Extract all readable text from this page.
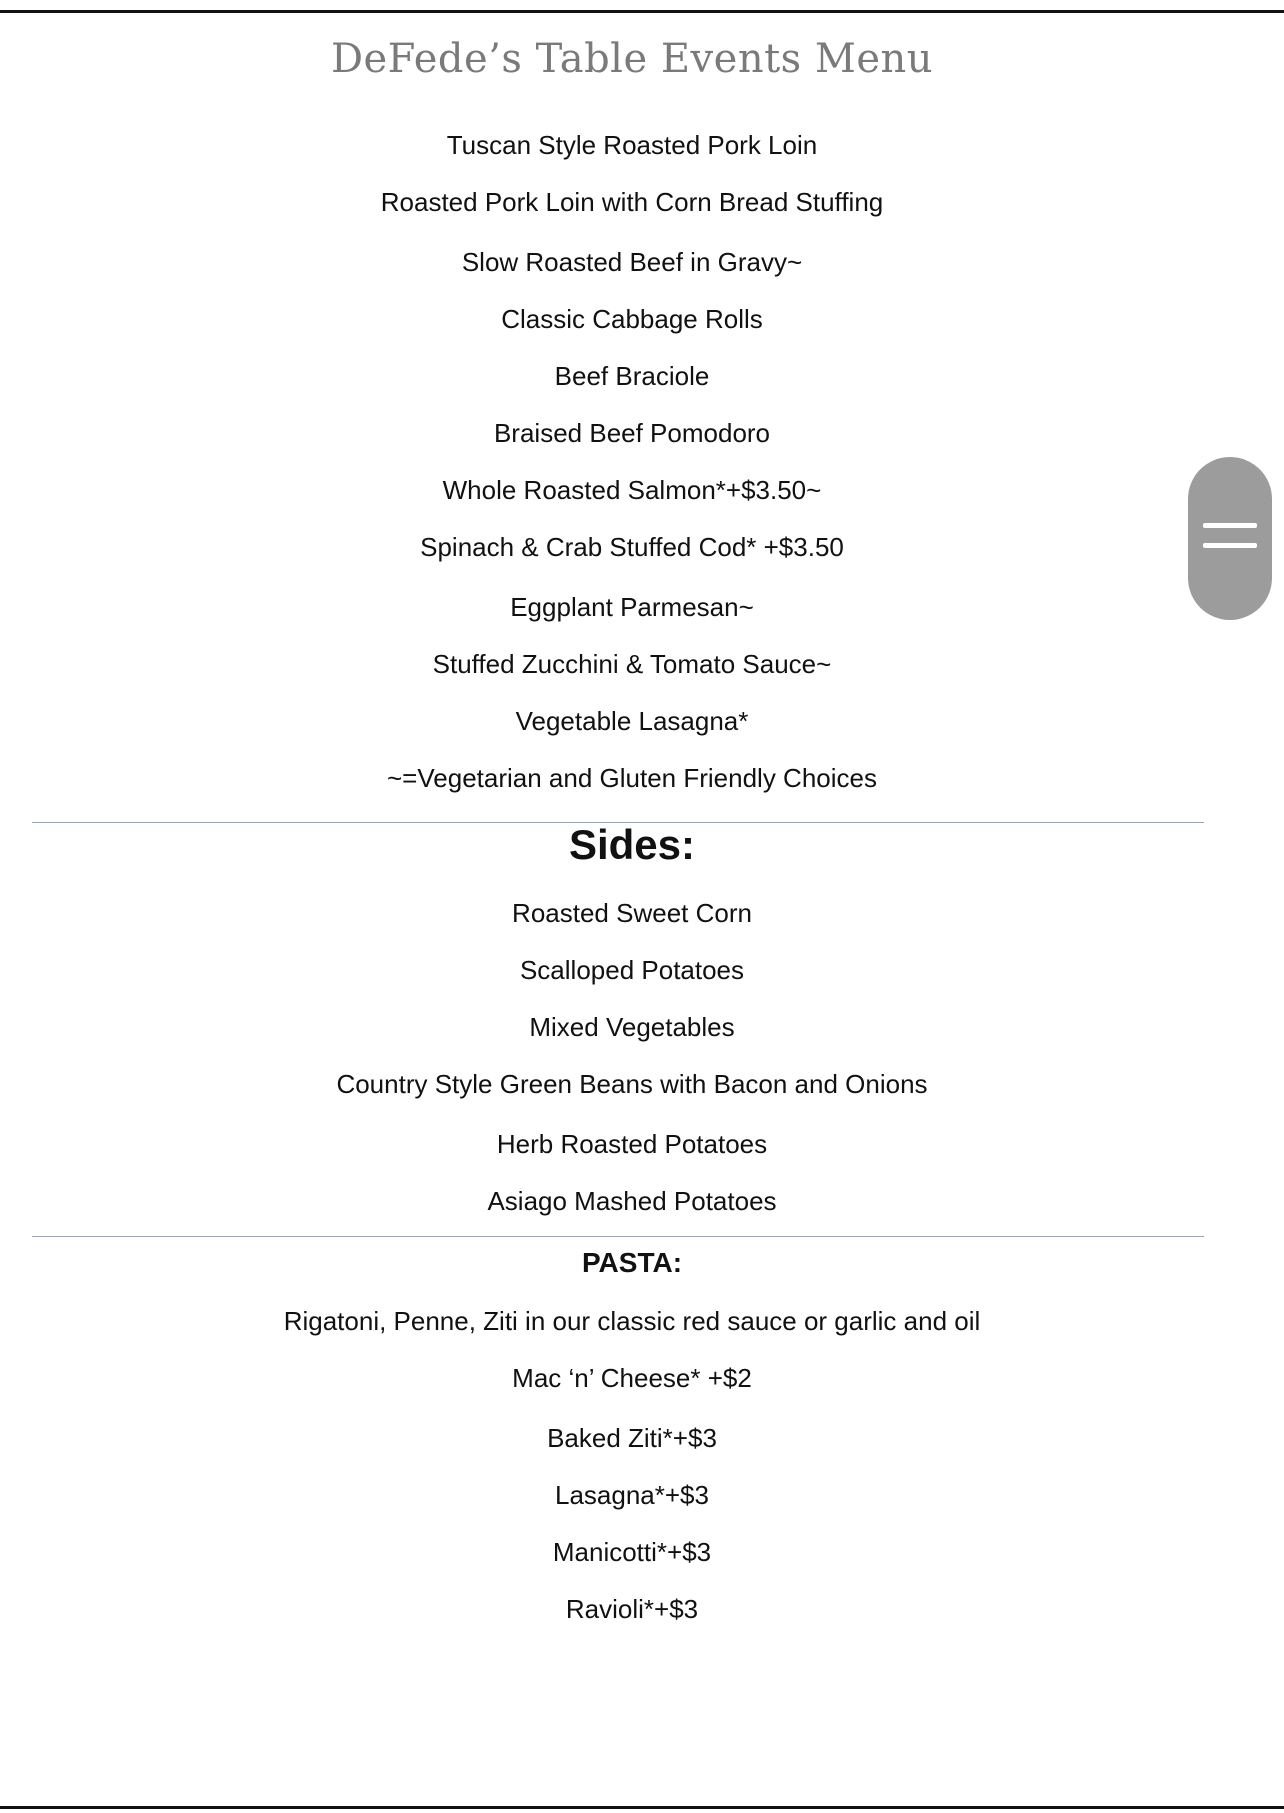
DeFede’s Table Events Menu
Tuscan Style Roasted Pork Loin
Roasted Pork Loin with Corn Bread Stuffing
Slow Roasted Beef in Gravy~
Classic Cabbage Rolls
Beef Braciole
Braised Beef Pomodoro
Whole Roasted Salmon*+$3.50~
Spinach & Crab Stuffed Cod* +$3.50
Eggplant Parmesan~
Stuffed Zucchini & Tomato Sauce~
Vegetable Lasagna*
~=Vegetarian and Gluten Friendly Choices
Sides:
Roasted Sweet Corn
Scalloped Potatoes
Mixed Vegetables
Country Style Green Beans with Bacon and Onions
Herb Roasted Potatoes
Asiago Mashed Potatoes
PASTA:
Rigatoni, Penne, Ziti in our classic red sauce or garlic and oil
Mac ‘n’ Cheese* +$2
Baked Ziti*+$3
Lasagna*+$3
Manicotti*+$3
Ravioli*+$3
